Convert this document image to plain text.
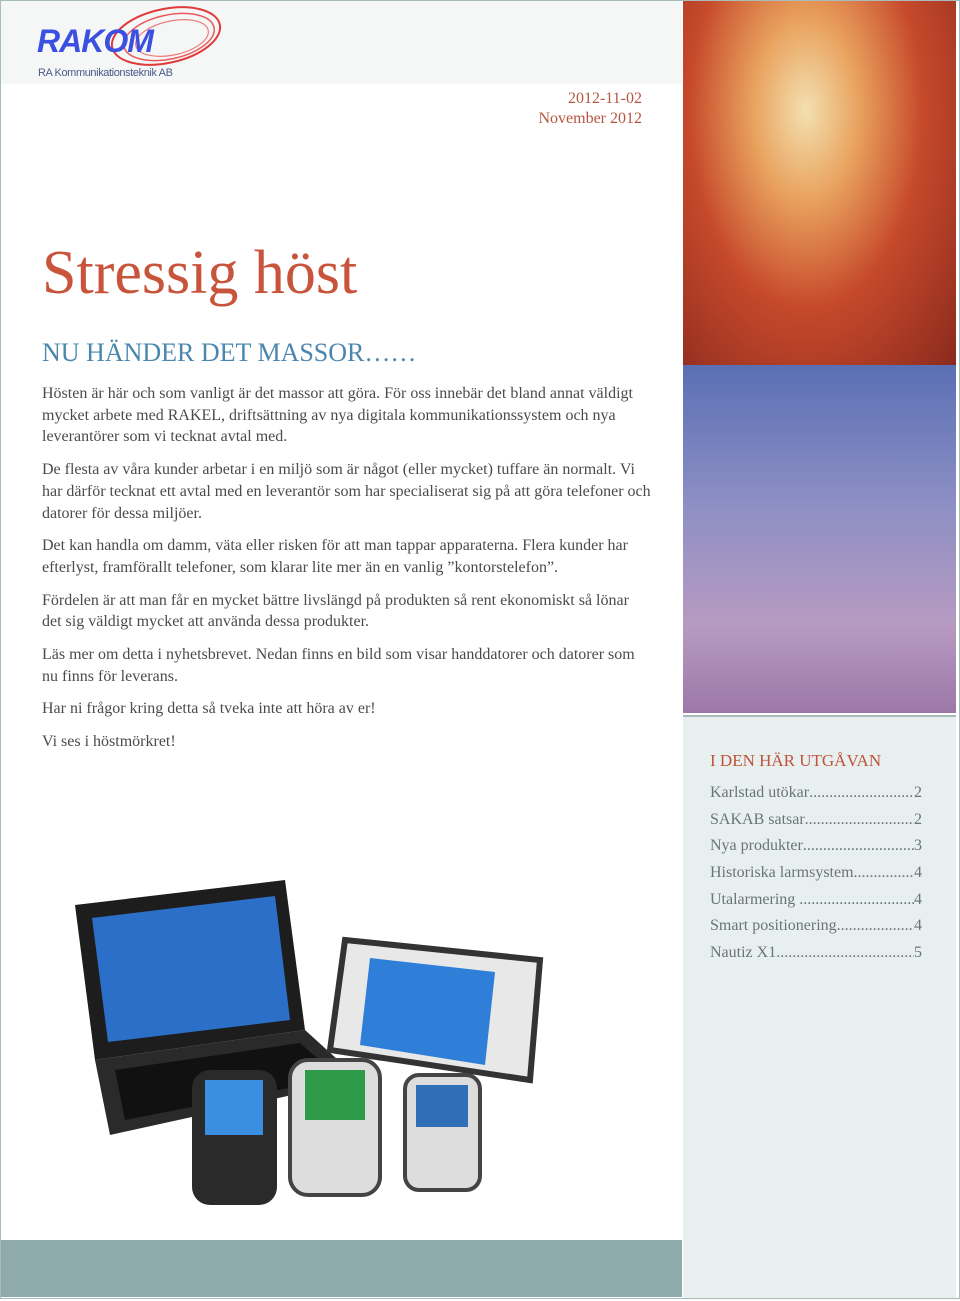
RAKOM
RA Kommunikationsteknik AB
2012-11-02
November 2012
Stressig höst
NU HÄNDER DET MASSOR……

Hösten är här och som vanligt är det massor att göra. För oss innebär det bland annat väldigt mycket arbete med RAKEL, driftsättning av nya digitala kommunikationssystem och nya leverantörer som vi tecknat avtal med.

De flesta av våra kunder arbetar i en miljö som är något (eller mycket) tuffare än normalt. Vi har därför tecknat ett avtal med en leverantör som har specialiserat sig på att göra telefoner och datorer för dessa miljöer.

Det kan handla om damm, väta eller risken för att man tappar apparaterna. Flera kunder har efterlyst, framförallt telefoner, som klarar lite mer än en vanlig ”kontorstelefon”.

Fördelen är att man får en mycket bättre livslängd på produkten så rent ekonomiskt så lönar det sig väldigt mycket att använda dessa produkter.

Läs mer om detta i nyhetsbrevet. Nedan finns en bild som visar handdatorer och datorer som nu finns för leverans.

Har ni frågor kring detta så tveka inte att höra av er!

Vi ses i höstmörkret!

I DEN HÄR UTGÅVAN
Karlstad utökar .....	2
SAKAB satsar .....	2
Nya produkter .....	3
Historiska larmsystem .....	4
Utalarmering .....	4
Smart positionering .....	4
Nautiz X1 .....	5
